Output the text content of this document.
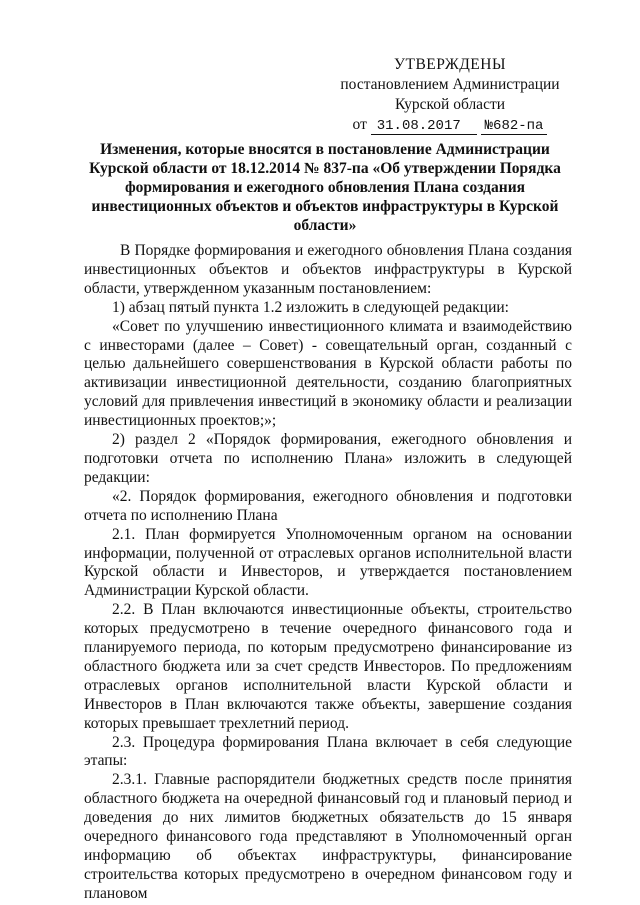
УТВЕРЖДЕНЫ
постановлением Администрации
Курской области
от 31.08.2017 №682-па
Изменения, которые вносятся в постановление Администрации Курской области от 18.12.2014 № 837-па «Об утверждении Порядка формирования и ежегодного обновления Плана создания инвестиционных объектов и объектов инфраструктуры в Курской области»

В Порядке формирования и ежегодного обновления Плана создания инвестиционных объектов и объектов инфраструктуры в Курской области, утвержденном указанным постановлением:

1) абзац пятый пункта 1.2 изложить в следующей редакции:

«Совет по улучшению инвестиционного климата и взаимодействию с инвесторами (далее – Совет) - совещательный орган, созданный с целью дальнейшего совершенствования в Курской области работы по активизации инвестиционной деятельности, созданию благоприятных условий для привлечения инвестиций в экономику области и реализации инвестиционных проектов;»;

2) раздел 2 «Порядок формирования, ежегодного обновления и подготовки отчета по исполнению Плана» изложить в следующей редакции:

«2. Порядок формирования, ежегодного обновления и подготовки отчета по исполнению Плана

2.1. План формируется Уполномоченным органом на основании информации, полученной от отраслевых органов исполнительной власти Курской области и Инвесторов, и утверждается постановлением Администрации Курской области.

2.2. В План включаются инвестиционные объекты, строительство которых предусмотрено в течение очередного финансового года и планируемого периода, по которым предусмотрено финансирование из областного бюджета или за счет средств Инвесторов. По предложениям отраслевых органов исполнительной власти Курской области и Инвесторов в План включаются также объекты, завершение создания которых превышает трехлетний период.

2.3. Процедура формирования Плана включает в себя следующие этапы:

2.3.1. Главные распорядители бюджетных средств после принятия областного бюджета на очередной финансовый год и плановый период и доведения до них лимитов бюджетных обязательств до 15 января очередного финансового года представляют в Уполномоченный орган информацию об объектах инфраструктуры, финансирование строительства которых предусмотрено в очередном финансовом году и плановом
